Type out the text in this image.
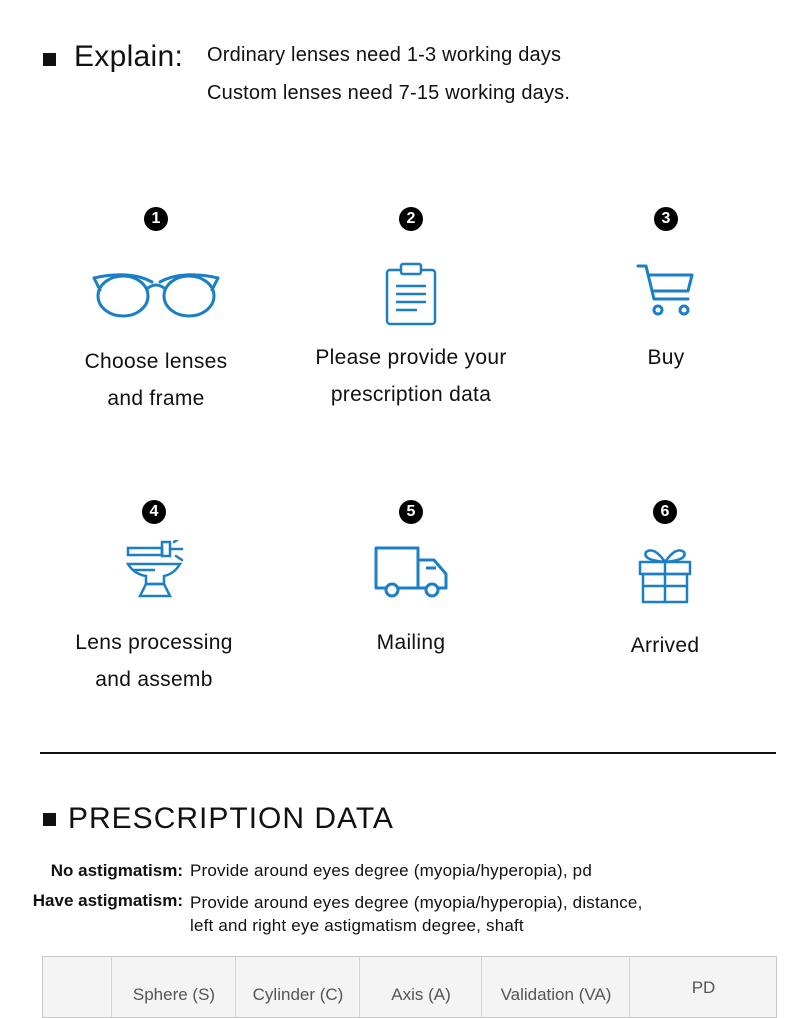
Explain: Ordinary lenses need 1-3 working days
Custom lenses need 7-15 working days.
1
Choose lenses
and frame
2
Please provide your
prescription data
3
Buy
4
Lens processing
and assemb
5
Mailing
6
Arrived
PRESCRIPTION DATA
No astigmatism: Provide around eyes degree (myopia/hyperopia), pd
Have astigmatism: Provide around eyes degree (myopia/hyperopia), distance,
left and right eye astigmatism degree, shaft
Sphere (S)	Cylinder (C)	Axis (A)	Validation (VA)	PD
